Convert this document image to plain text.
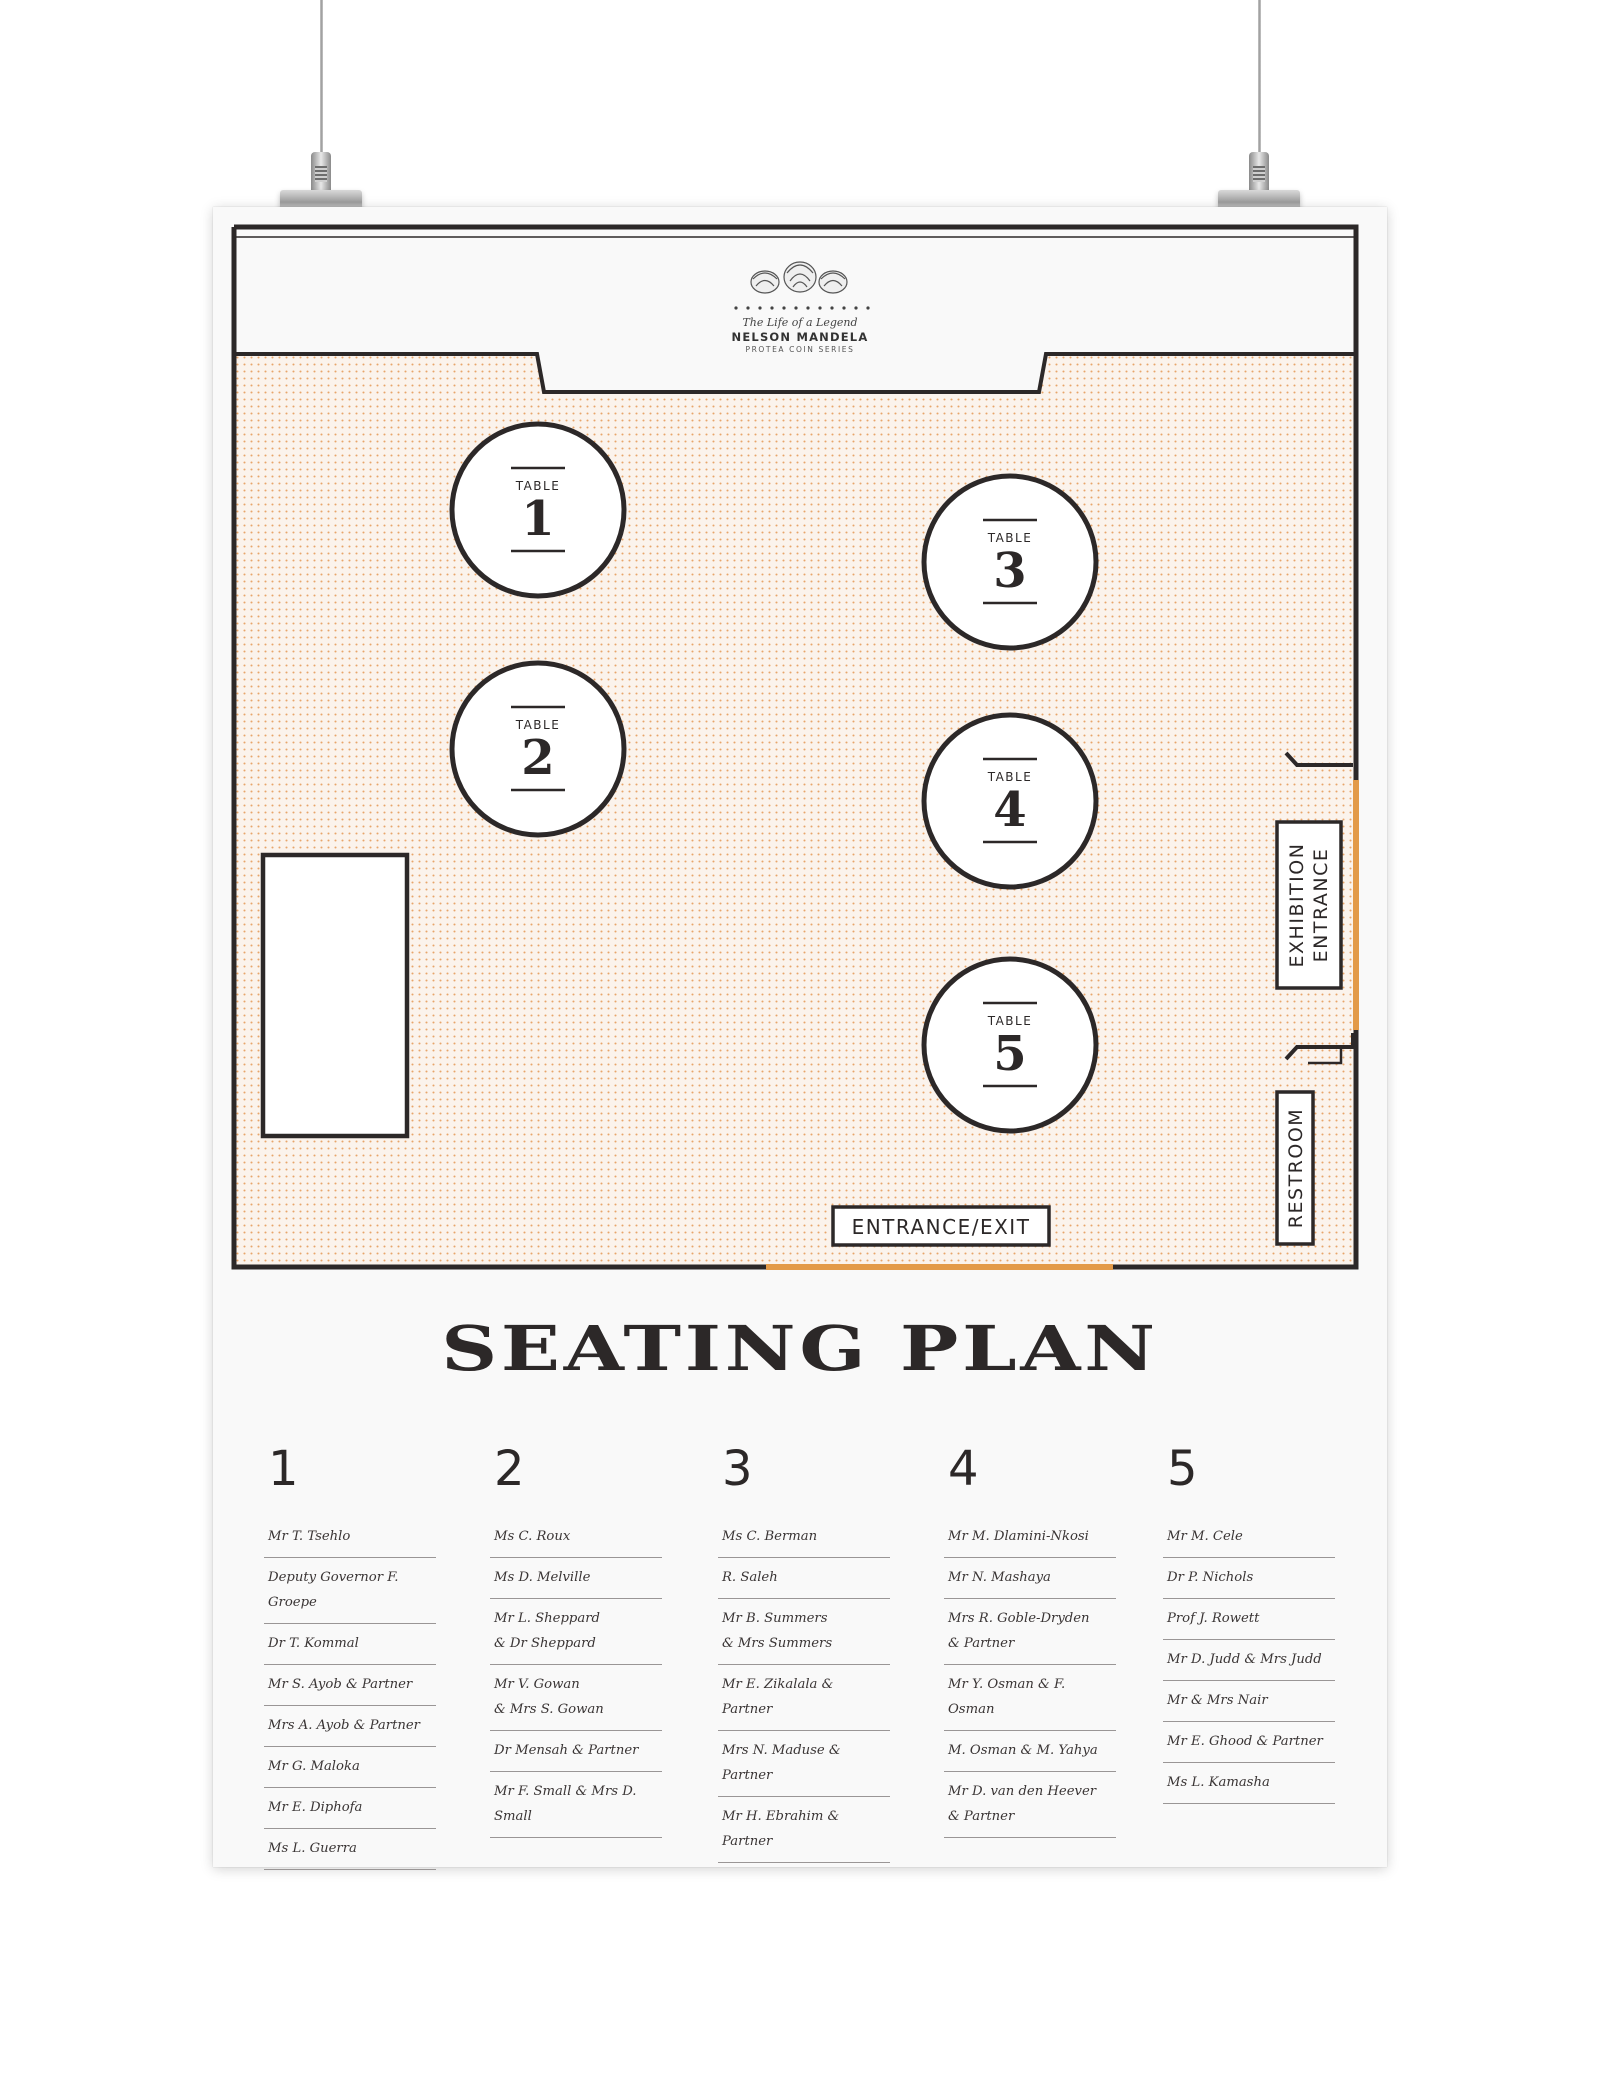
The Life of a Legend
NELSON MANDELA
PROTEA COIN SERIES
TABLE
1
TABLE
2
TABLE
3
TABLE
4
TABLE
5
EXHIBITION ENTRANCE
RESTROOM
ENTRANCE/EXIT
SEATING PLAN
1
Mr T. Tsehlo
Deputy Governor F. Groepe
Dr T. Kommal
Mr S. Ayob & Partner
Mrs A. Ayob & Partner
Mr G. Maloka
Mr E. Diphofa
Ms L. Guerra
2
Ms C. Roux
Ms D. Melville
Mr L. Sheppard
& Dr Sheppard
Mr V. Gowan
& Mrs S. Gowan
Dr Mensah & Partner
Mr F. Small & Mrs D. Small
3
Ms C. Berman
R. Saleh
Mr B. Summers
& Mrs Summers
Mr E. Zikalala & Partner
Mrs N. Maduse & Partner
Mr H. Ebrahim & Partner
4
Mr M. Dlamini-Nkosi
Mr N. Mashaya
Mrs R. Goble-Dryden
& Partner
Mr Y. Osman & F. Osman
M. Osman & M. Yahya
Mr D. van den Heever
& Partner
5
Mr M. Cele
Dr P. Nichols
Prof J. Rowett
Mr D. Judd & Mrs Judd
Mr & Mrs Nair
Mr E. Ghood & Partner
Ms L. Kamasha
